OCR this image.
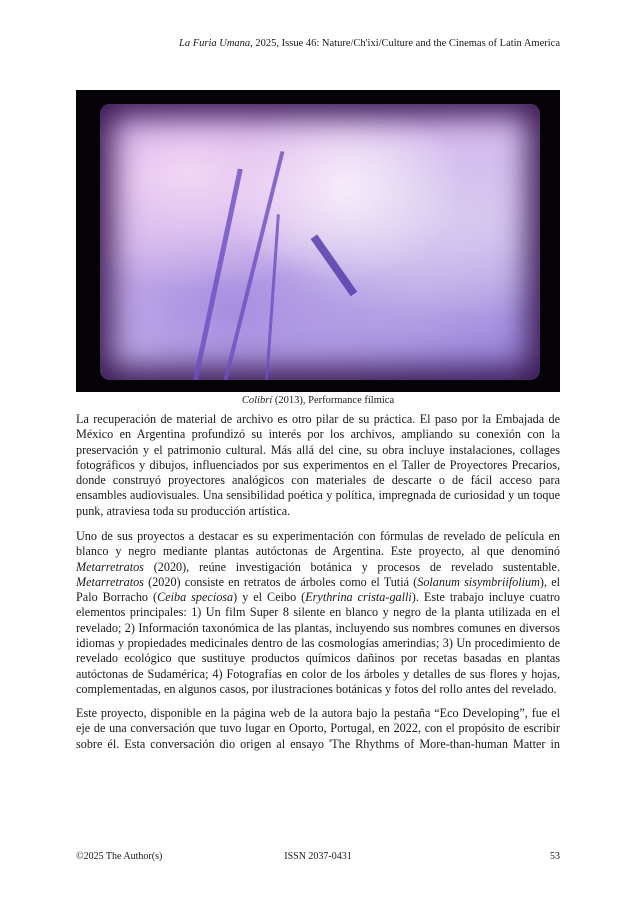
La Furia Umana, 2025, Issue 46: Nature/Ch'ixi/Culture and the Cinemas of Latin America
Colibrí (2013), Performance fílmica

La recuperación de material de archivo es otro pilar de su práctica. El paso por la Embajada de México en Argentina profundizó su interés por los archivos, ampliando su conexión con la preservación y el patrimonio cultural. Más allá del cine, su obra incluye instalaciones, collages fotográficos y dibujos, influenciados por sus experimentos en el Taller de Proyectores Precarios, donde construyó proyectores analógicos con materiales de descarte o de fácil acceso para ensambles audiovisuales. Una sensibilidad poética y política, impregnada de curiosidad y un toque punk, atraviesa toda su producción artística.

Uno de sus proyectos a destacar es su experimentación con fórmulas de revelado de película en blanco y negro mediante plantas autóctonas de Argentina. Este proyecto, al que denominó Metarretratos (2020), reúne investigación botánica y procesos de revelado sustentable. Metarretratos (2020) consiste en retratos de árboles como el Tutiá (Solanum sisymbriifolium), el Palo Borracho (Ceiba speciosa) y el Ceibo (Erythrina crista-galli). Este trabajo incluye cuatro elementos principales: 1) Un film Super 8 silente en blanco y negro de la planta utilizada en el revelado; 2) Información taxonómica de las plantas, incluyendo sus nombres comunes en diversos idiomas y propiedades medicinales dentro de las cosmologías amerindias; 3) Un procedimiento de revelado ecológico que sustituye productos químicos dañinos por recetas basadas en plantas autóctonas de Sudamérica; 4) Fotografías en color de los árboles y detalles de sus flores y hojas, complementadas, en algunos casos, por ilustraciones botánicas y fotos del rollo antes del revelado.

Este proyecto, disponible en la página web de la autora bajo la pestaña “Eco Developing”, fue el eje de una conversación que tuvo lugar en Oporto, Portugal, en 2022, con el propósito de escribir sobre él. Esta conversación dio origen al ensayo 'The Rhythms of More-than-human Matter in

©2025 The Author(s)	ISSN 2037-0431	53
